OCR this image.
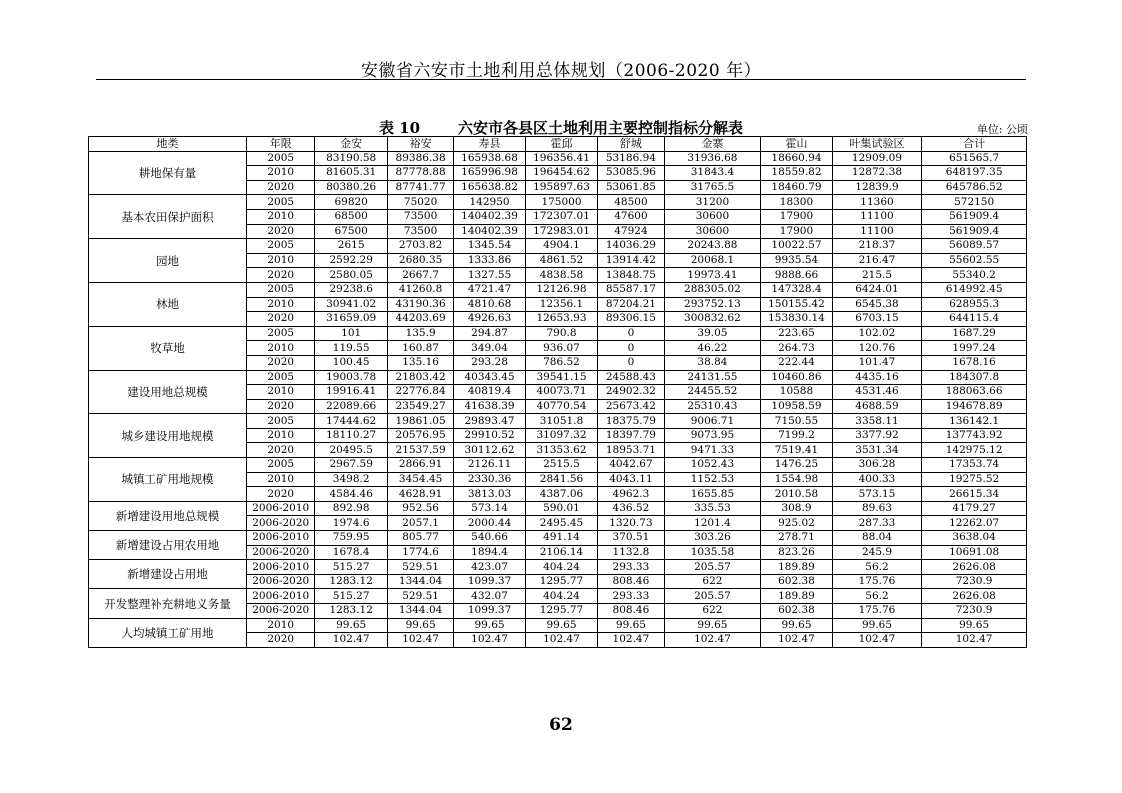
安徽省六安市土地利用总体规划（2006-2020 年）
表 10	六安市各县区土地利用主要控制指标分解表	单位: 公顷
地类	年限	金安	裕安	寿县	霍邱	舒城	金寨	霍山	叶集试验区	合计
耕地保有量	2005	83190.58	89386.38	165938.68	196356.41	53186.94	31936.68	18660.94	12909.09	651565.7
	2010	81605.31	87778.88	165996.98	196454.62	53085.96	31843.4	18559.82	12872.38	648197.35
	2020	80380.26	87741.77	165638.82	195897.63	53061.85	31765.5	18460.79	12839.9	645786.52
基本农田保护面积	2005	69820	75020	142950	175000	48500	31200	18300	11360	572150
	2010	68500	73500	140402.39	172307.01	47600	30600	17900	11100	561909.4
	2020	67500	73500	140402.39	172983.01	47924	30600	17900	11100	561909.4
园地	2005	2615	2703.82	1345.54	4904.1	14036.29	20243.88	10022.57	218.37	56089.57
	2010	2592.29	2680.35	1333.86	4861.52	13914.42	20068.1	9935.54	216.47	55602.55
	2020	2580.05	2667.7	1327.55	4838.58	13848.75	19973.41	9888.66	215.5	55340.2
林地	2005	29238.6	41260.8	4721.47	12126.98	85587.17	288305.02	147328.4	6424.01	614992.45
	2010	30941.02	43190.36	4810.68	12356.1	87204.21	293752.13	150155.42	6545.38	628955.3
	2020	31659.09	44203.69	4926.63	12653.93	89306.15	300832.62	153830.14	6703.15	644115.4
牧草地	2005	101	135.9	294.87	790.8	0	39.05	223.65	102.02	1687.29
	2010	119.55	160.87	349.04	936.07	0	46.22	264.73	120.76	1997.24
	2020	100.45	135.16	293.28	786.52	0	38.84	222.44	101.47	1678.16
建设用地总规模	2005	19003.78	21803.42	40343.45	39541.15	24588.43	24131.55	10460.86	4435.16	184307.8
	2010	19916.41	22776.84	40819.4	40073.71	24902.32	24455.52	10588	4531.46	188063.66
	2020	22089.66	23549.27	41638.39	40770.54	25673.42	25310.43	10958.59	4688.59	194678.89
城乡建设用地规模	2005	17444.62	19861.05	29893.47	31051.8	18375.79	9006.71	7150.55	3358.11	136142.1
	2010	18110.27	20576.95	29910.52	31097.32	18397.79	9073.95	7199.2	3377.92	137743.92
	2020	20495.5	21537.59	30112.62	31353.62	18953.71	9471.33	7519.41	3531.34	142975.12
城镇工矿用地规模	2005	2967.59	2866.91	2126.11	2515.5	4042.67	1052.43	1476.25	306.28	17353.74
	2010	3498.2	3454.45	2330.36	2841.56	4043.11	1152.53	1554.98	400.33	19275.52
	2020	4584.46	4628.91	3813.03	4387.06	4962.3	1655.85	2010.58	573.15	26615.34
新增建设用地总规模	2006-2010	892.98	952.56	573.14	590.01	436.52	335.53	308.9	89.63	4179.27
	2006-2020	1974.6	2057.1	2000.44	2495.45	1320.73	1201.4	925.02	287.33	12262.07
新增建设占用农用地	2006-2010	759.95	805.77	540.66	491.14	370.51	303.26	278.71	88.04	3638.04
	2006-2020	1678.4	1774.6	1894.4	2106.14	1132.8	1035.58	823.26	245.9	10691.08
新增建设占用地	2006-2010	515.27	529.51	423.07	404.24	293.33	205.57	189.89	56.2	2626.08
	2006-2020	1283.12	1344.04	1099.37	1295.77	808.46	622	602.38	175.76	7230.9
开发整理补充耕地义务量	2006-2010	515.27	529.51	432.07	404.24	293.33	205.57	189.89	56.2	2626.08
	2006-2020	1283.12	1344.04	1099.37	1295.77	808.46	622	602.38	175.76	7230.9
人均城镇工矿用地	2010	99.65	99.65	99.65	99.65	99.65	99.65	99.65	99.65	99.65
	2020	102.47	102.47	102.47	102.47	102.47	102.47	102.47	102.47	102.47
62
